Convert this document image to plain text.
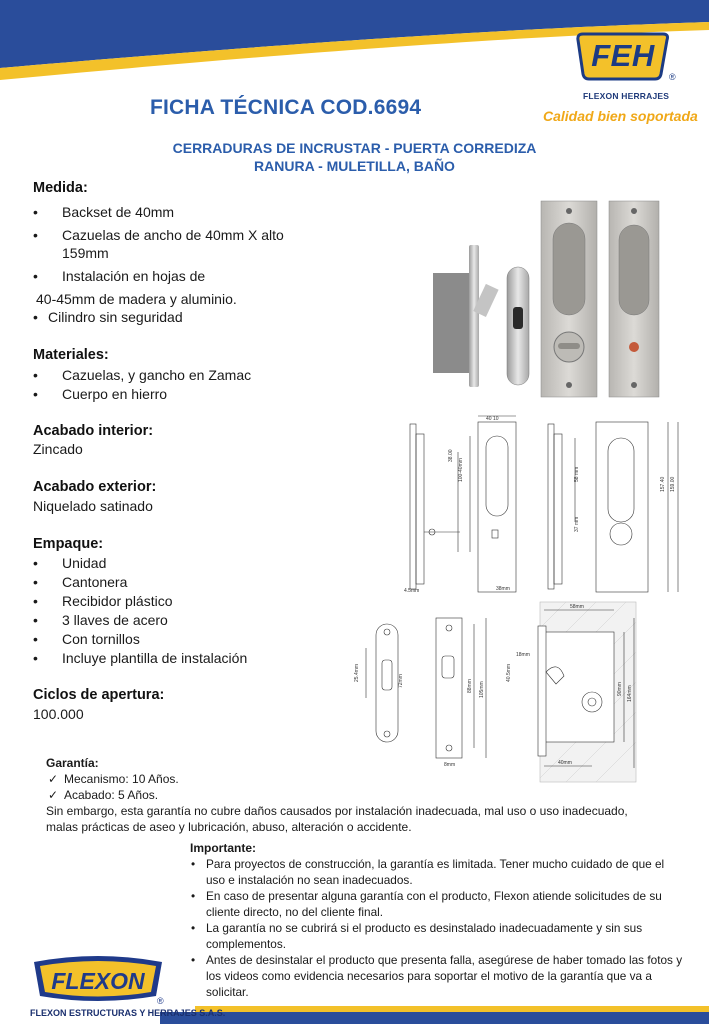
FEH
®
FLEXON HERRAJES
Calidad bien soportada
FICHA TÉCNICA COD.6694
CERRADURAS DE INCRUSTAR - PUERTA CORREDIZA
RANURA - MULETILLA, BAÑO
Medida:
• Backset de 40mm
• Cazuelas de ancho de 40mm X alto
159mm
• Instalación en hojas de
40-45mm de madera y aluminio.
• Cilindro sin seguridad
Materiales:
• Cazuelas, y gancho en Zamac
• Cuerpo en hierro
Acabado interior:
Zincado
Acabado exterior:
Niquelado satinado
Empaque:
• Unidad
• Cantonera
• Recibidor plástico
• 3 llaves de acero
• Con tornillos
• Incluye plantilla de instalación
Ciclos de apertura:
100.000
40 10
100-40mm
38.00
38mm
4.5mm
58 mm
37 mm
157.40 159.00
25.4mm	72mm	88mm 105mm
8mm
58mm
18mm
90mm 164mm
40mm
40.5mm
Garantía:
✓ Mecanismo: 10 Años.
✓ Acabado: 5 Años.
Sin embargo, esta garantía no cubre daños causados por instalación inadecuada, mal uso o uso inadecuado,
malas prácticas de aseo y lubricación, abuso, alteración o accidente.
Importante:
• Para proyectos de construcción, la garantía es limitada. Tener mucho cuidado de que el uso e instalación no sean inadecuados.
• En caso de presentar alguna garantía con el producto, Flexon atiende solicitudes de su cliente directo, no del cliente final.
• La garantía no se cubrirá si el producto es desinstalado inadecuadamente y sin sus complementos.
• Antes de desinstalar el producto que presenta falla, asegúrese de haber tomado las fotos y los videos como evidencia necesarios para soportar el motivo de la garantía que va a solicitar.
FLEXON
®
FLEXON ESTRUCTURAS Y HERRAJES S.A.S.
